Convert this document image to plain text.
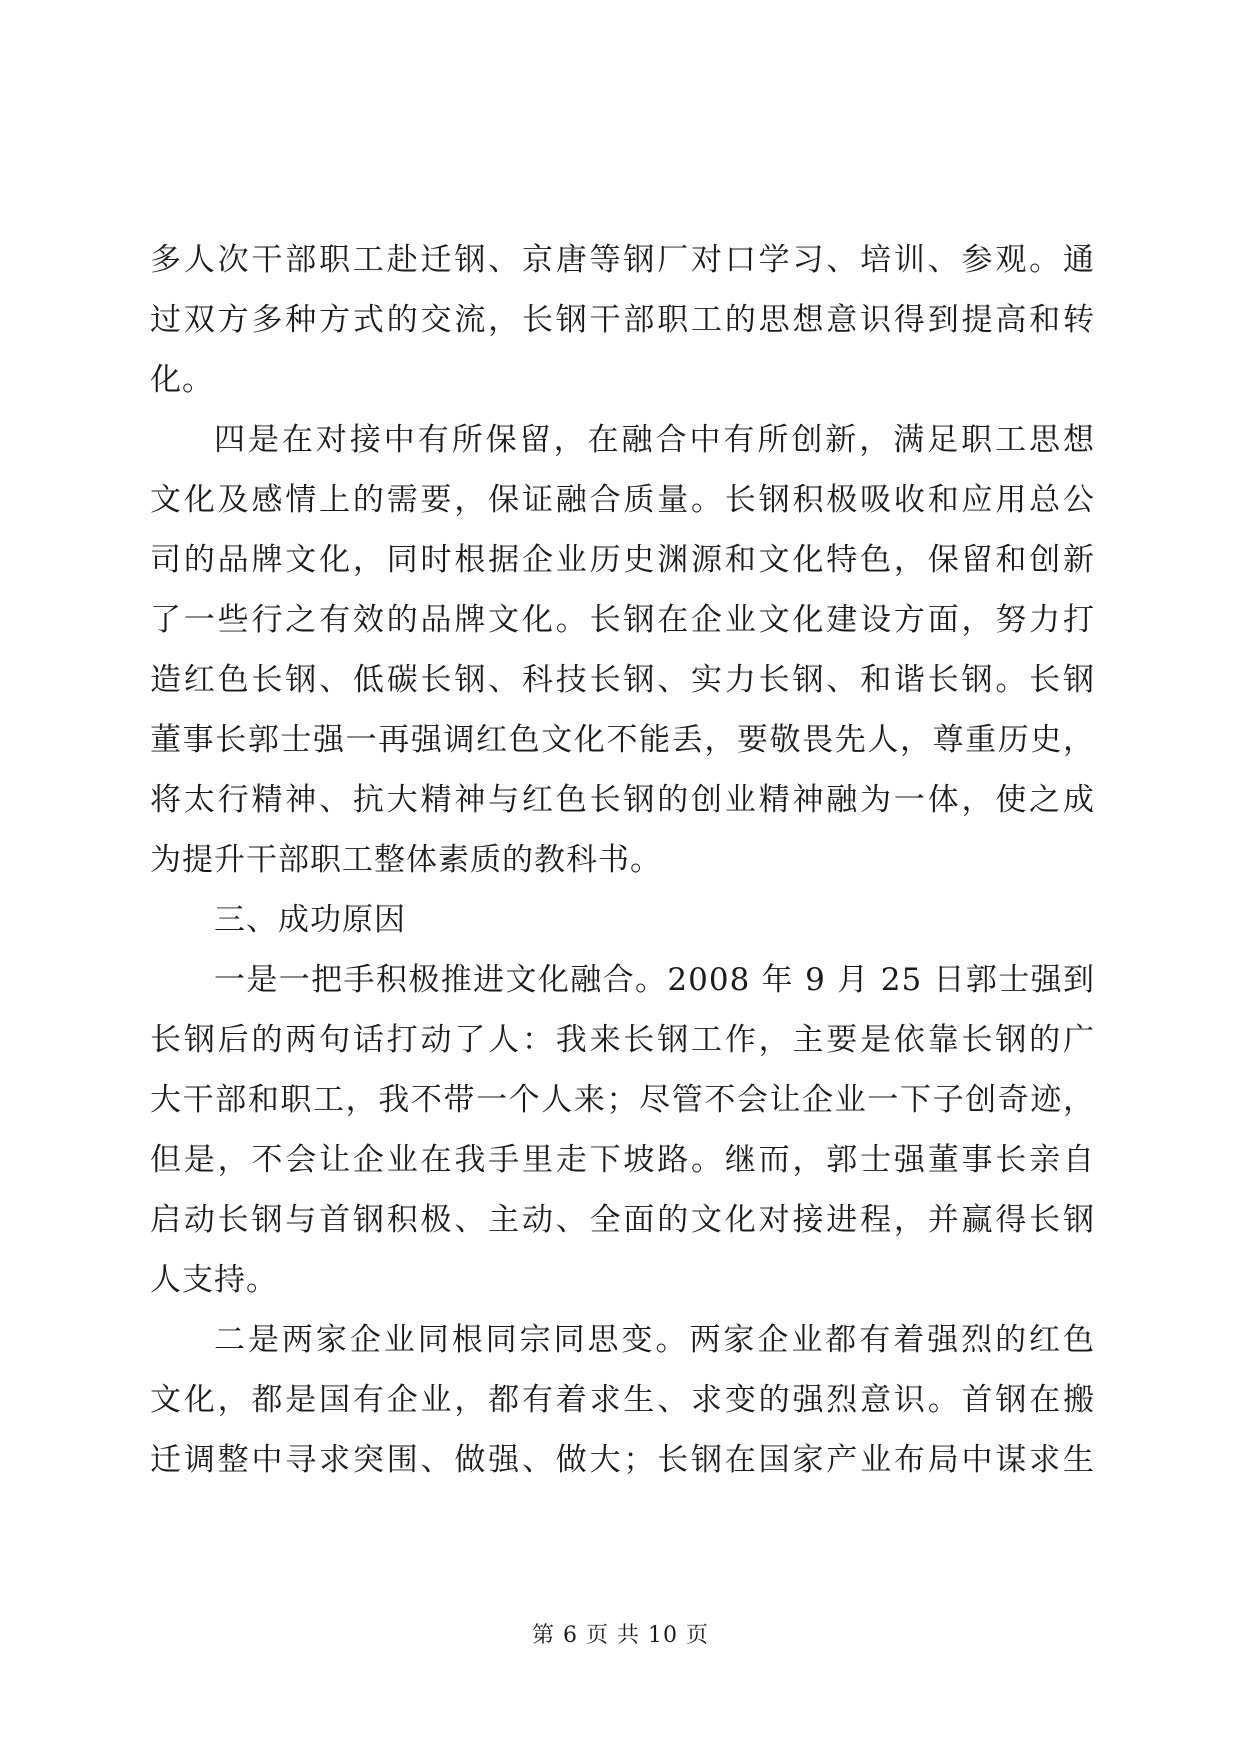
多人次干部职工赴迁钢、京唐等钢厂对口学习、培训、参观。通
过双方多种方式的交流，长钢干部职工的思想意识得到提高和转
化。
四是在对接中有所保留，在融合中有所创新，满足职工思想
文化及感情上的需要，保证融合质量。长钢积极吸收和应用总公
司的品牌文化，同时根据企业历史渊源和文化特色，保留和创新
了一些行之有效的品牌文化。长钢在企业文化建设方面，努力打
造红色长钢、低碳长钢、科技长钢、实力长钢、和谐长钢。长钢
董事长郭士强一再强调红色文化不能丢，要敬畏先人，尊重历史，
将太行精神、抗大精神与红色长钢的创业精神融为一体，使之成
为提升干部职工整体素质的教科书。
三、成功原因
一是一把手积极推进文化融合。2008 年 9 月 25 日郭士强到
长钢后的两句话打动了人：我来长钢工作，主要是依靠长钢的广
大干部和职工，我不带一个人来；尽管不会让企业一下子创奇迹，
但是，不会让企业在我手里走下坡路。继而，郭士强董事长亲自
启动长钢与首钢积极、主动、全面的文化对接进程，并赢得长钢
人支持。
二是两家企业同根同宗同思变。两家企业都有着强烈的红色
文化，都是国有企业，都有着求生、求变的强烈意识。首钢在搬
迁调整中寻求突围、做强、做大；长钢在国家产业布局中谋求生
第 6 页 共 10 页
